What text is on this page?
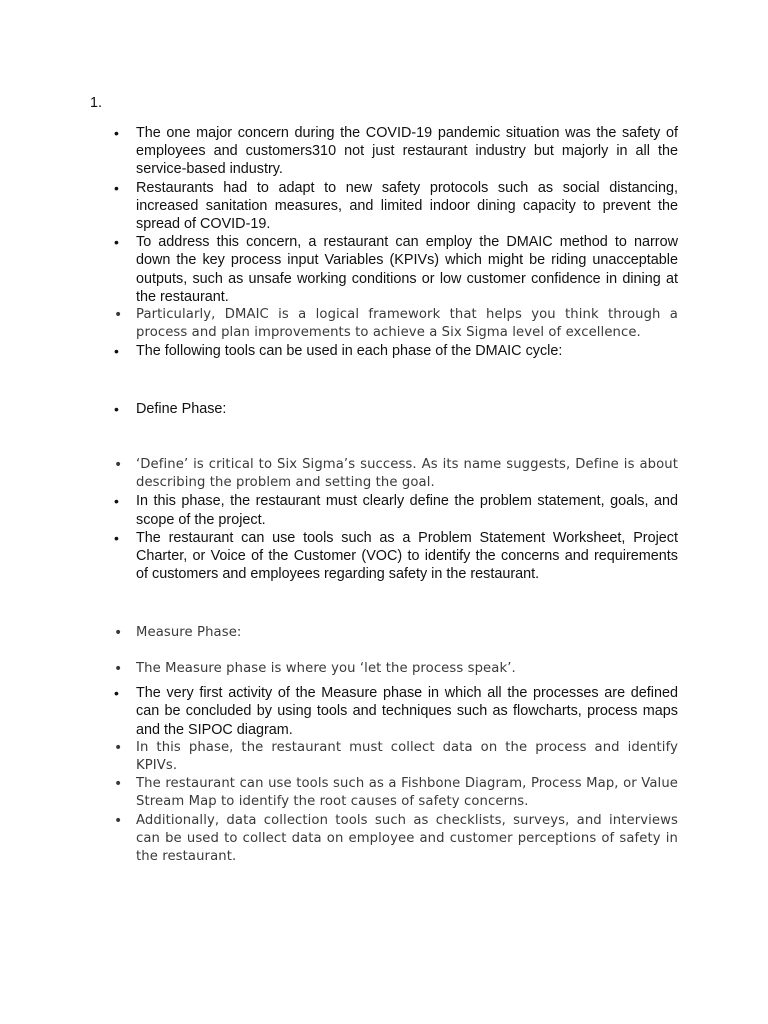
1.
• The one major concern during the COVID-19 pandemic situation was the safety of employees and customers310 not just restaurant industry but majorly in all the service-based industry.
• Restaurants had to adapt to new safety protocols such as social distancing, increased sanitation measures, and limited indoor dining capacity to prevent the spread of COVID-19.
• To address this concern, a restaurant can employ the DMAIC method to narrow down the key process input Variables (KPIVs) which might be riding unacceptable outputs, such as unsafe working conditions or low customer confidence in dining at the restaurant.
• Particularly, DMAIC is a logical framework that helps you think through a process and plan improvements to achieve a Six Sigma level of excellence.
• The following tools can be used in each phase of the DMAIC cycle:
• Define Phase:
• ‘Define’ is critical to Six Sigma’s success. As its name suggests, Define is about describing the problem and setting the goal.
• In this phase, the restaurant must clearly define the problem statement, goals, and scope of the project.
• The restaurant can use tools such as a Problem Statement Worksheet, Project Charter, or Voice of the Customer (VOC) to identify the concerns and requirements of customers and employees regarding safety in the restaurant.
• Measure Phase:
• The Measure phase is where you ‘let the process speak’.
• The very first activity of the Measure phase in which all the processes are defined can be concluded by using tools and techniques such as flowcharts, process maps and the SIPOC diagram.
• In this phase, the restaurant must collect data on the process and identify KPIVs.
• The restaurant can use tools such as a Fishbone Diagram, Process Map, or Value Stream Map to identify the root causes of safety concerns.
• Additionally, data collection tools such as checklists, surveys, and interviews can be used to collect data on employee and customer perceptions of safety in the restaurant.
